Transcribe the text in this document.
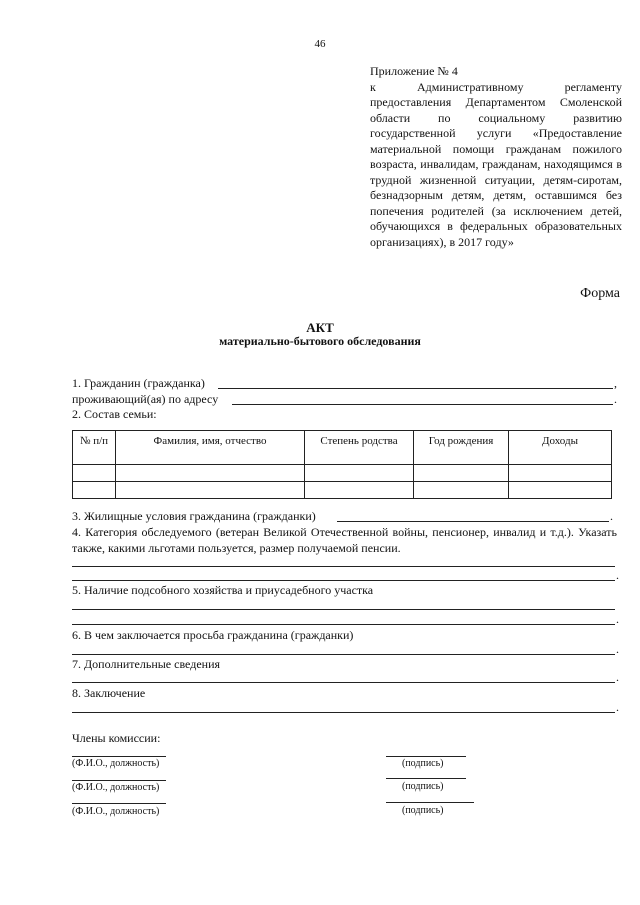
46
Приложение № 4
к Административному регламенту предоставления Департаментом Смоленской области по социальному развитию государственной услуги «Предоставление материальной помощи гражданам пожилого возраста, инвалидам, гражданам, находящимся в трудной жизненной ситуации, детям-сиротам, безнадзорным детям, детям, оставшимся без попечения родителей (за исключением детей, обучающихся в федеральных образовательных организациях), в 2017 году»
Форма
АКТ
материально-бытового обследования
1. Гражданин (гражданка)	,
проживающий(ая) по адресу	.
2. Состав семьи:
№ п/п	Фамилия, имя, отчество	Степень родства	Год рождения	Доходы

3. Жилищные условия гражданина (гражданки)	.
4. Категория обследуемого (ветеран Великой Отечественной войны, пенсионер, инвалид и т.д.). Указать также, какими льготами пользуется, размер получаемой пенсии.
.
5. Наличие подсобного хозяйства и приусадебного участка
.
6. В чем заключается просьба гражданина (гражданки)
.
7. Дополнительные сведения
.
8. Заключение
.
Члены комиссии:
(Ф.И.О., должность)	(подпись)
(Ф.И.О., должность)	(подпись)
(Ф.И.О., должность)	(подпись)
